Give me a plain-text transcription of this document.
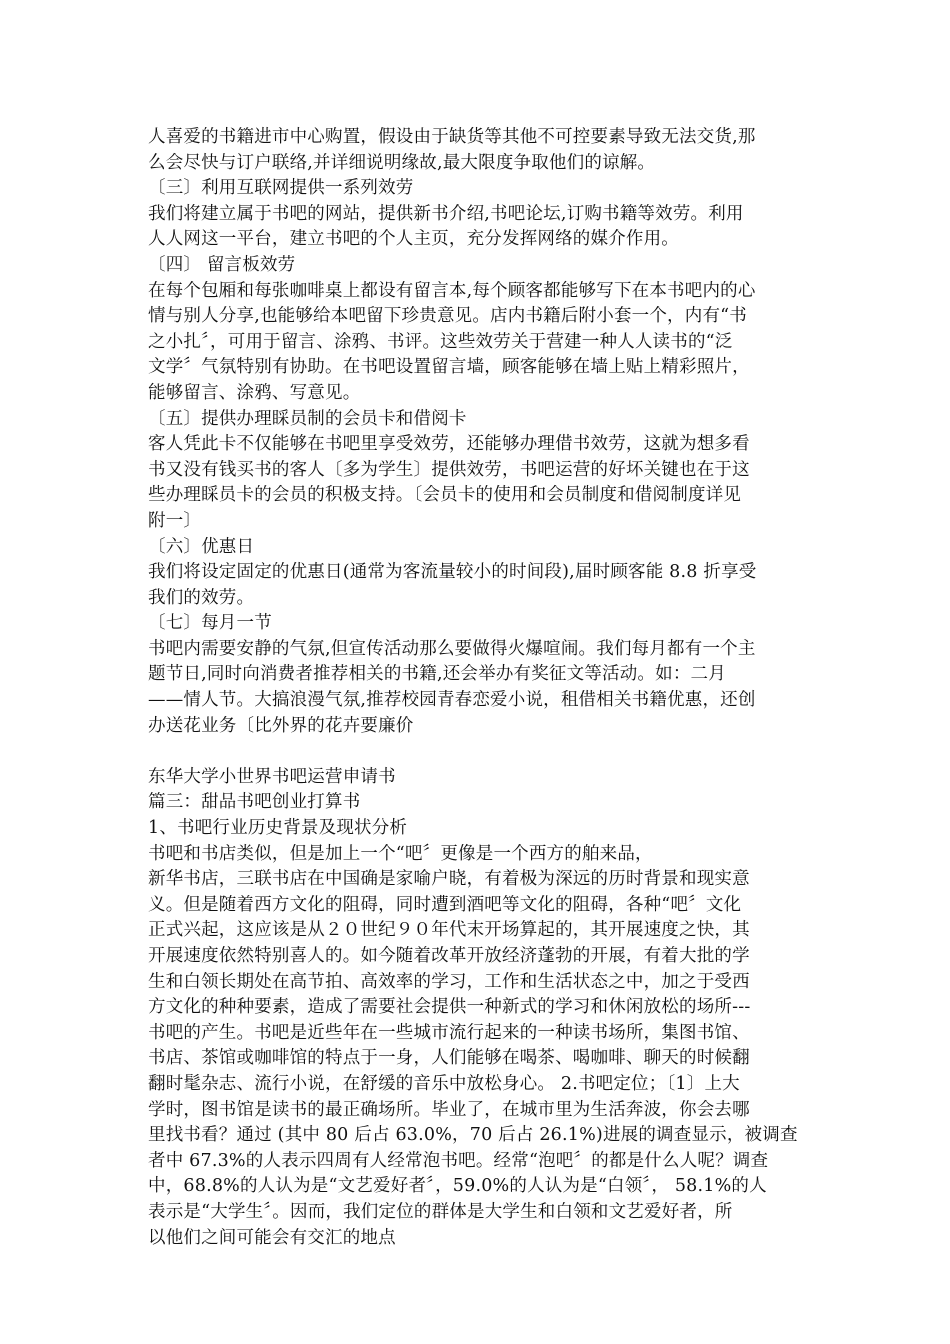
人喜爱的书籍进市中心购置，假设由于缺货等其他不可控要素导致无法交货,那
么会尽快与订户联络,并详细说明缘故,最大限度争取他们的谅解。
〔三〕利用互联网提供一系列效劳
我们将建立属于书吧的网站，提供新书介绍,书吧论坛,订购书籍等效劳。利用
人人网这一平台，建立书吧的个人主页，充分发挥网络的媒介作用。
〔四〕 留言板效劳
在每个包厢和每张咖啡桌上都设有留言本,每个顾客都能够写下在本书吧内的心
情与别人分享,也能够给本吧留下珍贵意见。店内书籍后附小套一个，内有“书
之小扎〞，可用于留言、涂鸦、书评。这些效劳关于营建一种人人读书的“泛
文学〞气氛特别有协助。在书吧设置留言墙，顾客能够在墙上贴上精彩照片，
能够留言、涂鸦、写意见。
〔五〕提供办理睬员制的会员卡和借阅卡
客人凭此卡不仅能够在书吧里享受效劳，还能够办理借书效劳，这就为想多看
书又没有钱买书的客人〔多为学生〕提供效劳，书吧运营的好坏关键也在于这
些办理睬员卡的会员的积极支持。〔会员卡的使用和会员制度和借阅制度详见
附一〕
〔六〕优惠日
我们将设定固定的优惠日(通常为客流量较小的时间段),届时顾客能 8.8 折享受
我们的效劳。
〔七〕每月一节
书吧内需要安静的气氛,但宣传活动那么要做得火爆喧闹。我们每月都有一个主
题节日,同时向消费者推荐相关的书籍,还会举办有奖征文等活动。如：二月
——情人节。大搞浪漫气氛,推荐校园青春恋爱小说，租借相关书籍优惠，还创
办送花业务〔比外界的花卉要廉价
东华大学小世界书吧运营申请书
篇三：甜品书吧创业打算书
1、书吧行业历史背景及现状分析
书吧和书店类似，但是加上一个“吧〞更像是一个西方的舶来品，
新华书店，三联书店在中国确是家喻户晓，有着极为深远的历时背景和现实意
义。但是随着西方文化的阻碍，同时遭到酒吧等文化的阻碍，各种“吧〞文化
正式兴起，这应该是从２０世纪９０年代末开场算起的，其开展速度之快，其
开展速度依然特别喜人的。如今随着改革开放经济蓬勃的开展，有着大批的学
生和白领长期处在高节拍、高效率的学习，工作和生活状态之中，加之于受西
方文化的种种要素，造成了需要社会提供一种新式的学习和休闲放松的场所---
书吧的产生。书吧是近些年在一些城市流行起来的一种读书场所，集图书馆、
书店、茶馆或咖啡馆的特点于一身，人们能够在喝茶、喝咖啡、聊天的时候翻
翻时髦杂志、流行小说，在舒缓的音乐中放松身心。 2.书吧定位；〔1〕上大
学时，图书馆是读书的最正确场所。毕业了，在城市里为生活奔波，你会去哪
里找书看？通过 (其中 80 后占 63.0%，70 后占 26.1%)进展的调查显示，被调查
者中 67.3%的人表示四周有人经常泡书吧。经常“泡吧〞的都是什么人呢？调查
中，68.8%的人认为是“文艺爱好者〞，59.0%的人认为是“白领〞， 58.1%的人
表示是“大学生〞。因而，我们定位的群体是大学生和白领和文艺爱好者，所
以他们之间可能会有交汇的地点
